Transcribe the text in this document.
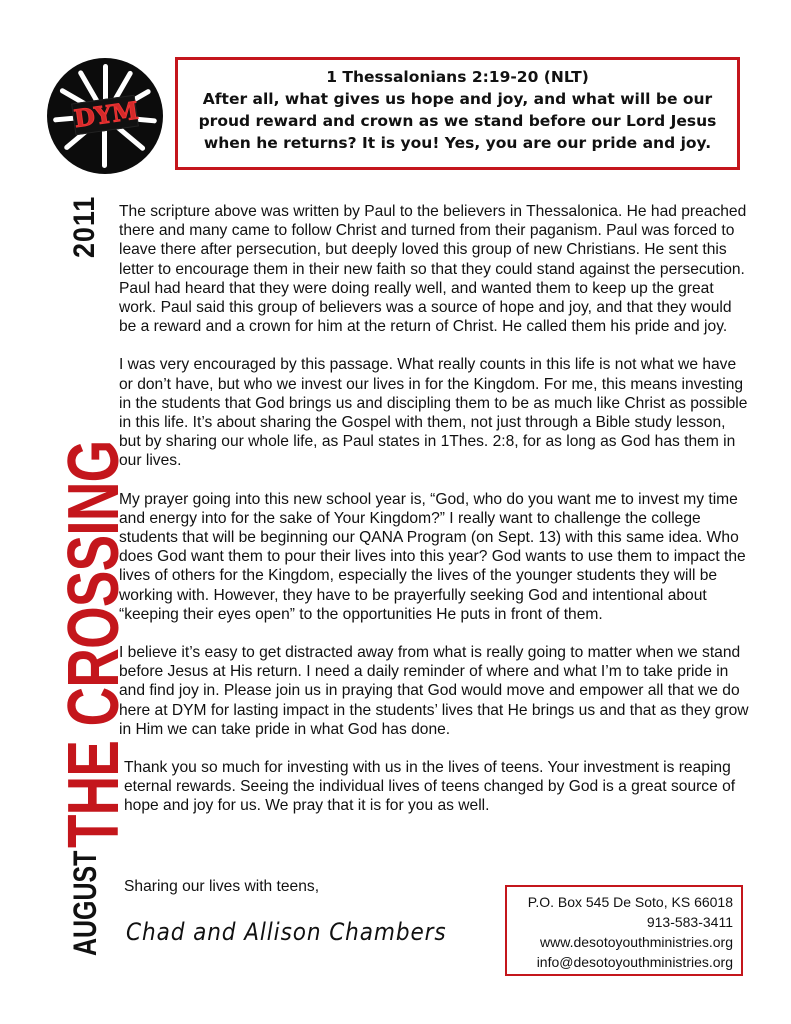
DYM
1 Thessalonians 2:19-20 (NLT)
After all, what gives us hope and joy, and what will be our proud reward and crown as we stand before our Lord Jesus when he returns? It is you! Yes, you are our pride and joy.
2011
THE CROSSING
AUGUST

The scripture above was written by Paul to the believers in Thessalonica. He had preached there and many came to follow Christ and turned from their paganism. Paul was forced to leave there after persecution, but deeply loved this group of new Christians. He sent this letter to encourage them in their new faith so that they could stand against the persecution. Paul had heard that they were doing really well, and wanted them to keep up the great work. Paul said this group of believers was a source of hope and joy, and that they would be a reward and a crown for him at the return of Christ. He called them his pride and joy.

I was very encouraged by this passage. What really counts in this life is not what we have or don’t have, but who we invest our lives in for the Kingdom. For me, this means investing in the students that God brings us and discipling them to be as much like Christ as possible in this life. It’s about sharing the Gospel with them, not just through a Bible study lesson, but by sharing our whole life, as Paul states in 1Thes. 2:8, for as long as God has them in our lives.

My prayer going into this new school year is, “God, who do you want me to invest my time and energy into for the sake of Your Kingdom?” I really want to challenge the college students that will be beginning our QANA Program (on Sept. 13) with this same idea. Who does God want them to pour their lives into this year? God wants to use them to impact the lives of others for the Kingdom, especially the lives of the younger students they will be working with. However, they have to be prayerfully seeking God and intentional about “keeping their eyes open” to the opportunities He puts in front of them.

I believe it’s easy to get distracted away from what is really going to matter when we stand before Jesus at His return. I need a daily reminder of where and what I’m to take pride in and find joy in. Please join us in praying that God would move and empower all that we do here at DYM for lasting impact in the students’ lives that He brings us and that as they grow in Him we can take pride in what God has done.

Thank you so much for investing with us in the lives of teens. Your investment is reaping eternal rewards. Seeing the individual lives of teens changed by God is a great source of hope and joy for us. We pray that it is for you as well.

Sharing our lives with teens,
Chad and Allison Chambers
P.O. Box 545 De Soto, KS 66018
913-583-3411
www.desotoyouthministries.org
info@desotoyouthministries.org
